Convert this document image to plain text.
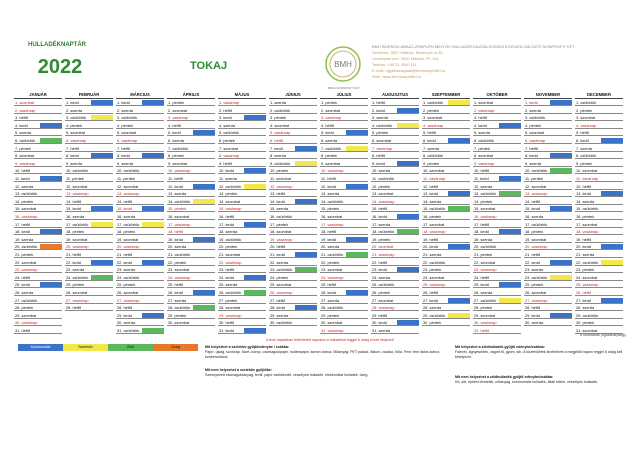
HULLADÉKNAPTÁR
2022	TOKAJ	BMH
BMH NONPROFIT KFT.
BMH BORSOD-ABAÚJ-ZEMPLÉN MEGYEI HULLADÉKGAZDÁLKODÁSI KÖZSZOLGÁLTATÓ NONPROFIT KFT.
Székhely: 3527 Miskolc, Besenyői út 26.
Levelezési cím: 3510 Miskolc, Pf. 341
Telefon: +36 21 3000 111
E-mail: ugyfelszolgalat@bmhnonprofit.hu
Web: www.bmhnonprofit.hu
JANUÁR
1. szombat
2. vasárnap
3. hétfő
4. kedd
5. szerda
6. csütörtök
7. péntek
8. szombat
9. vasárnap
10. hétfő
11. kedd
12. szerda
13. csütörtök
14. péntek
15. szombat
16. vasárnap
17. hétfő
18. kedd
19. szerda
20. csütörtök
21. péntek
22. szombat
23. vasárnap
24. hétfő
25. kedd
26. szerda
27. csütörtök
28. péntek
29. szombat
30. vasárnap
31. hétfő
FEBRUÁR
1. kedd
2. szerda
3. csütörtök
4. péntek
5. szombat
6. vasárnap
7. hétfő
8. kedd
9. szerda
10. csütörtök
11. péntek
12. szombat
13. vasárnap
14. hétfő
15. kedd
16. szerda
17. csütörtök
18. péntek
19. szombat
20. vasárnap
21. hétfő
22. kedd
23. szerda
24. csütörtök
25. péntek
26. szombat
27. vasárnap
28. hétfő
MÁRCIUS
1. kedd
2. szerda
3. csütörtök
4. péntek
5. szombat
6. vasárnap
7. hétfő
8. kedd
9. szerda
10. csütörtök
11. péntek
12. szombat
13. vasárnap
14. hétfő
15. kedd
16. szerda
17. csütörtök
18. péntek
19. szombat
20. vasárnap
21. hétfő
22. kedd
23. szerda
24. csütörtök
25. péntek
26. szombat
27. vasárnap
28. hétfő
29. kedd
30. szerda
31. csütörtök
ÁPRILIS
1. péntek
2. szombat
3. vasárnap
4. hétfő
5. kedd
6. szerda
7. csütörtök
8. péntek
9. szombat
10. vasárnap
11. hétfő
12. kedd
13. szerda
14. csütörtök
15. péntek
16. szombat
17. vasárnap
18. hétfő
19. kedd
20. szerda
21. csütörtök
22. péntek
23. szombat
24. vasárnap
25. hétfő
26. kedd
27. szerda
28. csütörtök
29. péntek
30. szombat
MÁJUS
1. vasárnap
2. hétfő
3. kedd
4. szerda
5. csütörtök
6. péntek
7. szombat
8. vasárnap
9. hétfő
10. kedd
11. szerda
12. csütörtök
13. péntek
14. szombat
15. vasárnap
16. hétfő
17. kedd
18. szerda
19. csütörtök
20. péntek
21. szombat
22. vasárnap
23. hétfő
24. kedd
25. szerda
26. csütörtök
27. péntek
28. szombat
29. vasárnap
30. hétfő
31. kedd
JÚNIUS
1. szerda
2. csütörtök
3. péntek
4. szombat
5. vasárnap
6. hétfő
7. kedd
8. szerda
9. csütörtök
10. péntek
11. szombat
12. vasárnap
13. hétfő
14. kedd
15. szerda
16. csütörtök
17. péntek
18. szombat
19. vasárnap
20. hétfő
21. kedd
22. szerda
23. csütörtök
24. péntek
25. szombat
26. vasárnap
27. hétfő
28. kedd
29. szerda
30. csütörtök
JÚLIUS
1. péntek
2. szombat
3. vasárnap
4. hétfő
5. kedd
6. szerda
7. csütörtök
8. péntek
9. szombat
10. vasárnap
11. hétfő
12. kedd
13. szerda
14. csütörtök
15. péntek
16. szombat
17. vasárnap
18. hétfő
19. kedd
20. szerda
21. csütörtök
22. péntek
23. szombat
24. vasárnap
25. hétfő
26. kedd
27. szerda
28. csütörtök
29. péntek
30. szombat
31. vasárnap
AUGUSZTUS
1. hétfő
2. kedd
3. szerda
4. csütörtök
5. péntek
6. szombat
7. vasárnap
8. hétfő
9. kedd
10. szerda
11. csütörtök
12. péntek
13. szombat
14. vasárnap
15. hétfő
16. kedd
17. szerda
18. csütörtök
19. péntek
20. szombat
21. vasárnap
22. hétfő
23. kedd
24. szerda
25. csütörtök
26. péntek
27. szombat
28. vasárnap
29. hétfő
30. kedd
31. szerda
SZEPTEMBER
1. csütörtök
2. péntek
3. szombat
4. vasárnap
5. hétfő
6. kedd
7. szerda
8. csütörtök
9. péntek
10. szombat
11. vasárnap
12. hétfő
13. kedd
14. szerda
15. csütörtök
16. péntek
17. szombat
18. vasárnap
19. hétfő
20. kedd
21. szerda
22. csütörtök
23. péntek
24. szombat
25. vasárnap
26. hétfő
27. kedd
28. szerda
29. csütörtök
30. péntek
OKTÓBER
1. szombat
2. vasárnap
3. hétfő
4. kedd
5. szerda
6. csütörtök
7. péntek
8. szombat
9. vasárnap
10. hétfő
11. kedd
12. szerda
13. csütörtök
14. péntek
15. szombat
16. vasárnap
17. hétfő
18. kedd
19. szerda
20. csütörtök
21. péntek
22. szombat
23. vasárnap
24. hétfő
25. kedd
26. szerda
27. csütörtök
28. péntek
29. szombat
30. vasárnap
31. hétfő
NOVEMBER
1. kedd
2. szerda
3. csütörtök
4. péntek
5. szombat
6. vasárnap
7. hétfő
8. kedd
9. szerda
10. csütörtök
11. péntek
12. szombat
13. vasárnap
14. hétfő
15. kedd
16. szerda
17. csütörtök
18. péntek
19. szombat
20. vasárnap
21. hétfő
22. kedd
23. szerda
24. csütörtök
25. péntek
26. szombat
27. vasárnap
28. hétfő
29. kedd
30. szerda
DECEMBER
1. csütörtök
2. péntek
3. szombat
4. vasárnap
5. hétfő
6. kedd
7. szerda
8. csütörtök
9. péntek
10. szombat
11. vasárnap
12. hétfő
13. kedd
14. szerda
15. csütörtök
16. péntek
17. szombat
18. vasárnap
19. hétfő
20. kedd
21. szerda
22. csütörtök
23. péntek
24. szombat
25. vasárnap
26. hétfő
27. kedd
28. szerda
29. csütörtök
30. péntek
31. szombat
A rubrikában jogszabálytárgy
A fenti naptárban feltüntetett napokon a hulladékot reggel 6 óráig ki kell helyezni!
Kommunális	Szelektív	Zöld	Üveg	Mit helyezhet a szelektív gyűjtőedénybe / zsákba:
Papír: újság, szórólap, füzet, könyv, csomagolópapír, hullámpapír, karton doboz. Műanyag: PET palack, flakon, zacskó, fólia. Fém: fém italos doboz, konzervdoboz.
Mit nem helyezhet a szelektív gyűjtőbe:
Szennyezett csomagolóanyag, textil, papír zsebkendő, veszélyes hulladék, elektronikai hulladék, üveg.
Mit helyezhet a zöldhulladék gyűjtő edénybe/zsákba:
Falevél, ágnyesedék, vágott fű, gyom, stb. A közterületek kivételével a megjelölt napon reggel 6 óráig kell kihelyezni.
Mit nem helyezhet a zöldhulladék gyűjtő edénybe/zsákba:
Kő, sitt, építési törmelék, műanyag, kommunális hulladék, állati tetem, veszélyes hulladék.
